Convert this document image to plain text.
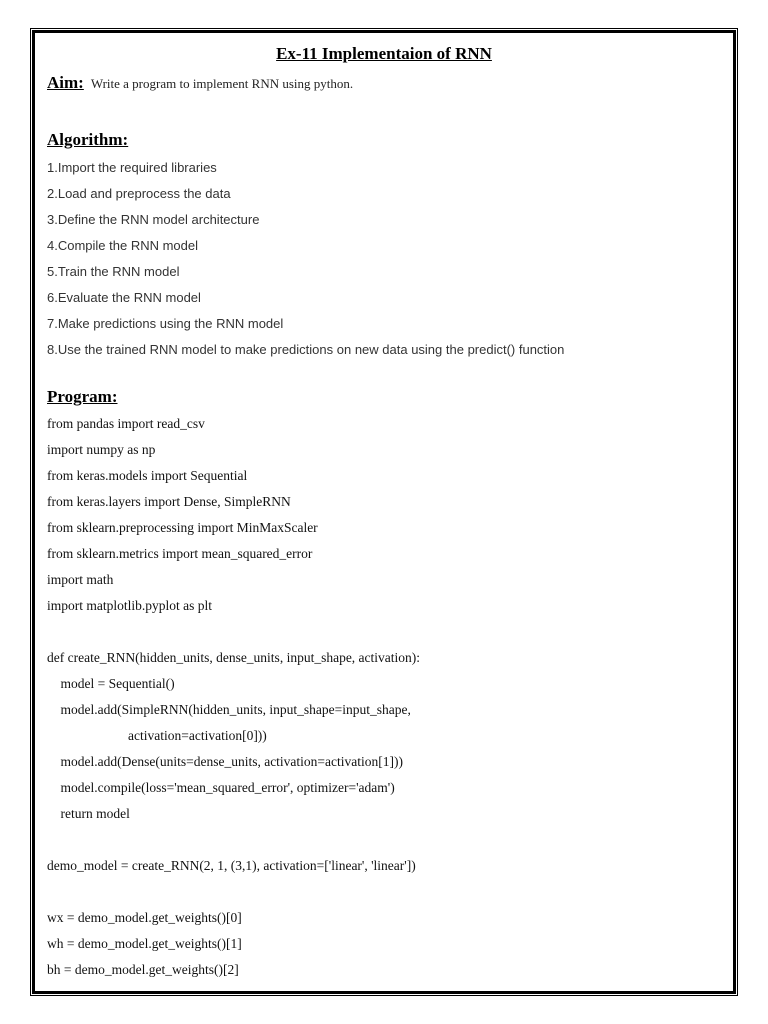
Ex-11 Implementaion of RNN
Aim: Write a program to implement RNN using python.
Algorithm:
1.Import the required libraries
2.Load and preprocess the data
3.Define the RNN model architecture
4.Compile the RNN model
5.Train the RNN model
6.Evaluate the RNN model
7.Make predictions using the RNN model
8.Use the trained RNN model to make predictions on new data using the predict() function
Program:
from pandas import read_csv
import numpy as np
from keras.models import Sequential
from keras.layers import Dense, SimpleRNN
from sklearn.preprocessing import MinMaxScaler
from sklearn.metrics import mean_squared_error
import math
import matplotlib.pyplot as plt
def create_RNN(hidden_units, dense_units, input_shape, activation):
model = Sequential()
model.add(SimpleRNN(hidden_units, input_shape=input_shape,
activation=activation[0]))
model.add(Dense(units=dense_units, activation=activation[1]))
model.compile(loss='mean_squared_error', optimizer='adam')
return model
demo_model = create_RNN(2, 1, (3,1), activation=['linear', 'linear'])
wx = demo_model.get_weights()[0]
wh = demo_model.get_weights()[1]
bh = demo_model.get_weights()[2]
